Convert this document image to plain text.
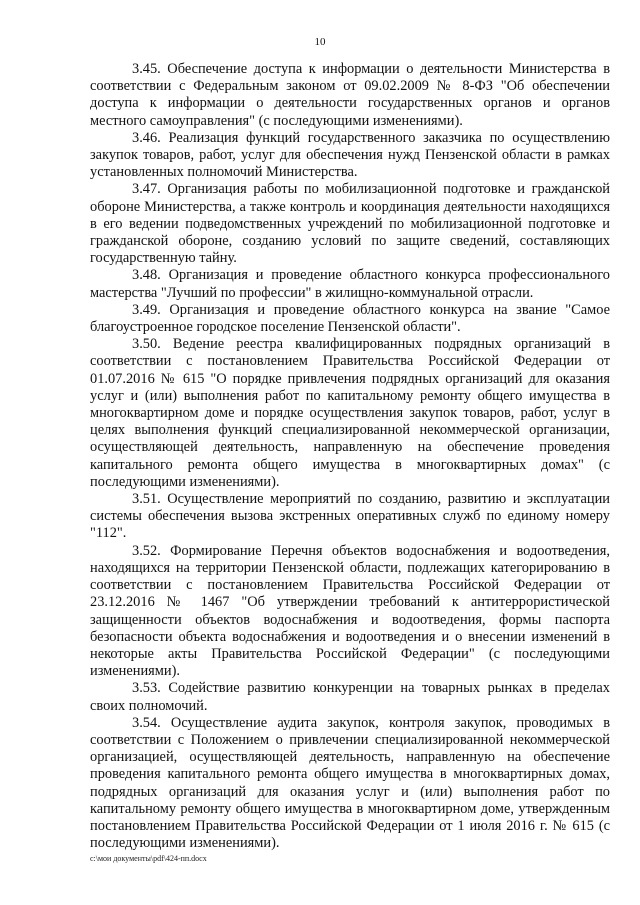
10

3.45. Обеспечение доступа к информации о деятельности Министерства в соответствии с Федеральным законом от 09.02.2009 № 8-ФЗ "Об обеспечении доступа к информации о деятельности государственных органов и органов местного самоуправления" (с последующими изменениями).

3.46. Реализация функций государственного заказчика по осуществлению закупок товаров, работ, услуг для обеспечения нужд Пензенской области в рамках установленных полномочий Министерства.

3.47. Организация работы по мобилизационной подготовке и гражданской обороне Министерства, а также контроль и координация деятельности находящихся в его ведении подведомственных учреждений по мобилизационной подготовке и гражданской обороне, созданию условий по защите сведений, составляющих государственную тайну.

3.48. Организация и проведение областного конкурса профессионального мастерства "Лучший по профессии" в жилищно-коммунальной отрасли.

3.49. Организация и проведение областного конкурса на звание "Самое благоустроенное городское поселение Пензенской области".

3.50. Ведение реестра квалифицированных подрядных организаций в соответствии с постановлением Правительства Российской Федерации от 01.07.2016 № 615 "О порядке привлечения подрядных организаций для оказания услуг и (или) выполнения работ по капитальному ремонту общего имущества в многоквартирном доме и порядке осуществления закупок товаров, работ, услуг в целях выполнения функций специализированной некоммерческой организации, осуществляющей деятельность, направленную на обеспечение проведения капитального ремонта общего имущества в многоквартирных домах" (с последующими изменениями).

3.51. Осуществление мероприятий по созданию, развитию и эксплуатации системы обеспечения вызова экстренных оперативных служб по единому номеру "112".

3.52. Формирование Перечня объектов водоснабжения и водоотведения, находящихся на территории Пензенской области, подлежащих категорированию в соответствии с постановлением Правительства Российской Федерации от 23.12.2016 № 1467 "Об утверждении требований к антитеррористической защищенности объектов водоснабжения и водоотведения, формы паспорта безопасности объекта водоснабжения и водоотведения и о внесении изменений в некоторые акты Правительства Российской Федерации" (с последующими изменениями).

3.53. Содействие развитию конкуренции на товарных рынках в пределах своих полномочий.

3.54. Осуществление аудита закупок, контроля закупок, проводимых в соответствии с Положением о привлечении специализированной некоммерческой организацией, осуществляющей деятельность, направленную на обеспечение проведения капитального ремонта общего имущества в многоквартирных домах, подрядных организаций для оказания услуг и (или) выполнения работ по капитальному ремонту общего имущества в многоквартирном доме, утвержденным постановлением Правительства Российской Федерации от 1 июля 2016 г. № 615 (с последующими изменениями).

c:\мои документы\pdf\424-пп.docx
